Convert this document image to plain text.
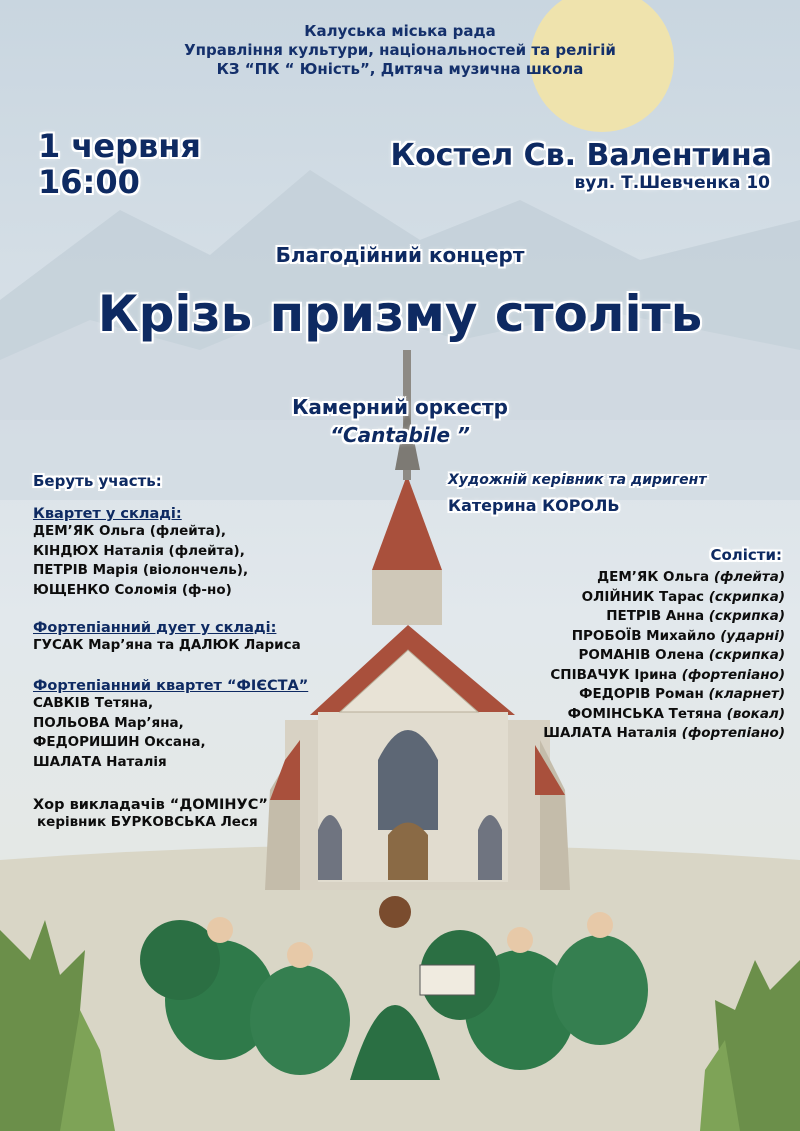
Калуська міська рада
Управління культури, національностей та релігій
КЗ “ПК “ Юність”, Дитяча музична школа
1 червня
16:00
Костел Св. Валентина
вул. Т.Шевченка 10
Благодійний концерт
Крізь призму століть
Камерний оркестр
“Cantabile ”
Беруть участь:	Художній керівник та диригент
Катерина КОРОЛЬ
Квартет у складі:
ДЕМ’ЯК Ольга (флейта),
КІНДЮХ Наталія (флейта),
ПЕТРІВ Марія (віолончель),
ЮЩЕНКО Соломія (ф-но)
Фортепіанний дует у складі:
ГУСАК Мар’яна та ДАЛЮК Лариса
Фортепіанний квартет “ФІЄСТА”
САВКІВ Тетяна,
ПОЛЬОВА Мар’яна,
ФЕДОРИШИН Оксана,
ШАЛАТА Наталія
Хор викладачів “ДОМІНУС”
керівник БУРКОВСЬКА Леся
Солісти:
ДЕМ’ЯК Ольга (флейта)
ОЛІЙНИК Тарас (скрипка)
ПЕТРІВ Анна (скрипка)
ПРОБОЇВ Михайло (ударні)
РОМАНІВ Олена (скрипка)
СПІВАЧУК Ірина (фортепіано)
ФЕДОРІВ Роман (кларнет)
ФОМІНСЬКА Тетяна (вокал)
ШАЛАТА Наталія (фортепіано)
